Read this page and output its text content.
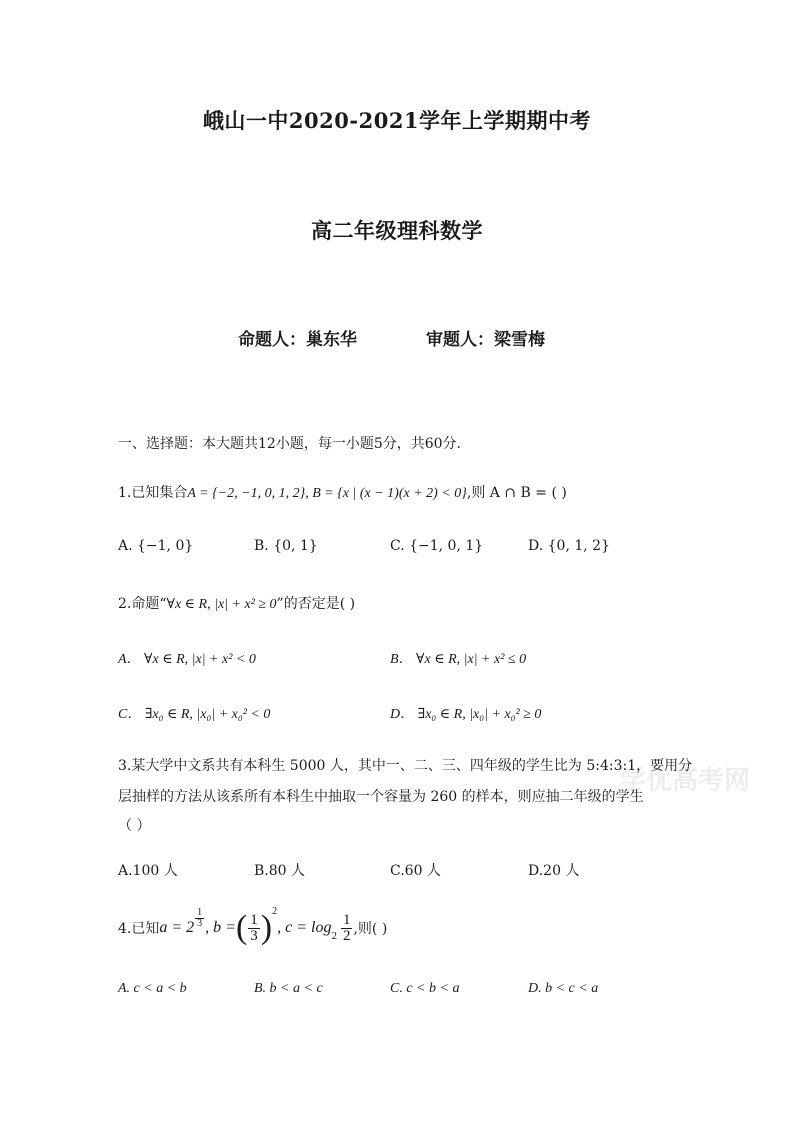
学优高考网
峨山一中2020-2021学年上学期期中考
高二年级理科数学
命题人：巢东华	审题人：梁雪梅
一、选择题：本大题共12小题，每一小题5分，共60分.
1.已知集合A = {−2, −1, 0, 1, 2}, B = {x | (x − 1)(x + 2) < 0},则 A ∩ B = ( )
A. {−1, 0}	B. {0, 1}	C. {−1, 0, 1}	D. {0, 1, 2}
2.命题“∀x ∈ R, |x| + x² ≥ 0”的否定是( )
A． ∀x ∈ R, |x| + x² < 0	B． ∀x ∈ R, |x| + x² ≤ 0
C． ∃x₀ ∈ R, |x₀| + x₀² < 0	D． ∃x₀ ∈ R, |x₀| + x₀² ≥ 0
3.某大学中文系共有本科生 5000 人，其中一、二、三、四年级的学生比为 5:4:3:1，要用分
层抽样的方法从该系所有本科生中抽取一个容量为 260 的样本，则应抽二年级的学生
（ ）
A.100 人	B.80 人	C.60 人	D.20 人
4.已知 $a = 2 \frac{1}{3}$ , b = ( $\frac{1}{3}$ ) 2
, $c = \log 2 \frac{1}{2}$ ,则( )
A. c < a < b	B. b < a < c	C. c < b < a	D. b < c < a
